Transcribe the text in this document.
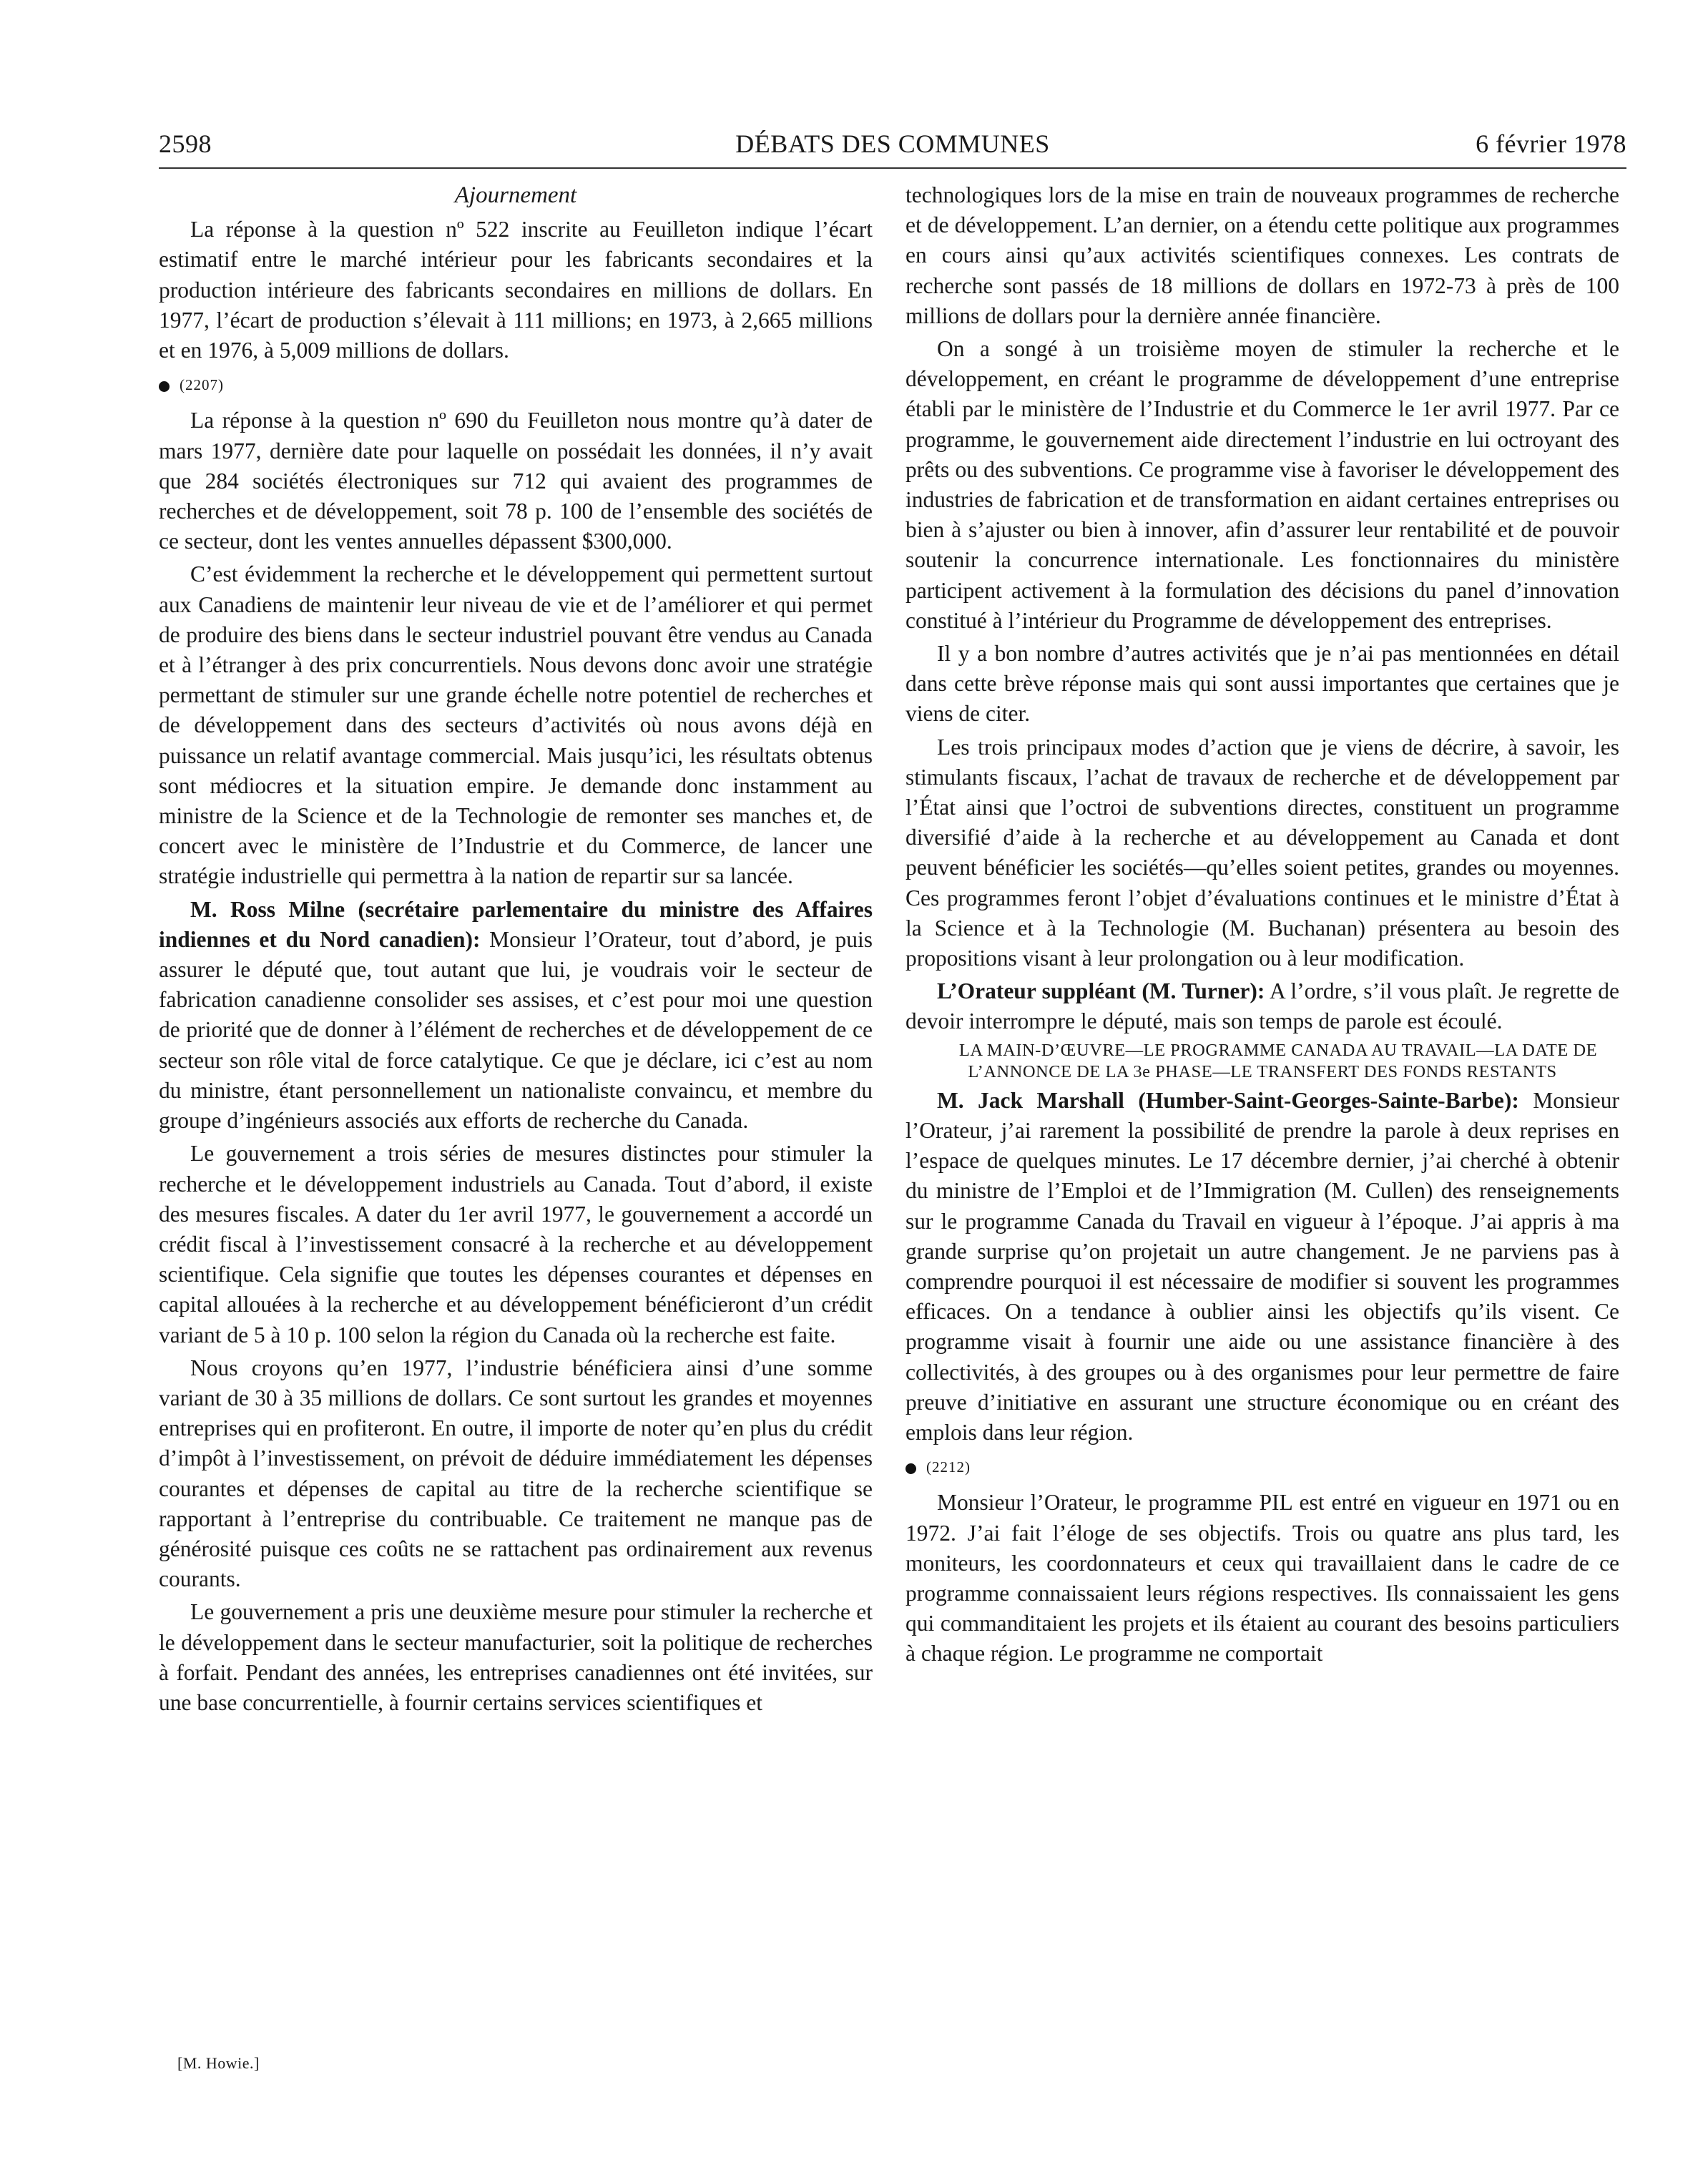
2598	DÉBATS DES COMMUNES	6 février 1978
Ajournement

La réponse à la question nº 522 inscrite au Feuilleton indique l’écart estimatif entre le marché intérieur pour les fabricants secondaires et la production intérieure des fabricants secondaires en millions de dollars. En 1977, l’écart de production s’élevait à 111 millions; en 1973, à 2,665 millions et en 1976, à 5,009 millions de dollars.

(2207)

La réponse à la question nº 690 du Feuilleton nous montre qu’à dater de mars 1977, dernière date pour laquelle on possédait les données, il n’y avait que 284 sociétés électroniques sur 712 qui avaient des programmes de recherches et de développement, soit 78 p. 100 de l’ensemble des sociétés de ce secteur, dont les ventes annuelles dépassent $300,000.

C’est évidemment la recherche et le développement qui permettent surtout aux Canadiens de maintenir leur niveau de vie et de l’améliorer et qui permet de produire des biens dans le secteur industriel pouvant être vendus au Canada et à l’étranger à des prix concurrentiels. Nous devons donc avoir une stratégie permettant de stimuler sur une grande échelle notre potentiel de recherches et de développement dans des secteurs d’activités où nous avons déjà en puissance un relatif avantage commercial. Mais jusqu’ici, les résultats obtenus sont médiocres et la situation empire. Je demande donc instamment au ministre de la Science et de la Technologie de remonter ses manches et, de concert avec le ministère de l’Industrie et du Commerce, de lancer une stratégie industrielle qui permettra à la nation de repartir sur sa lancée.

M. Ross Milne (secrétaire parlementaire du ministre des Affaires indiennes et du Nord canadien): Monsieur l’Orateur, tout d’abord, je puis assurer le député que, tout autant que lui, je voudrais voir le secteur de fabrication canadienne consolider ses assises, et c’est pour moi une question de priorité que de donner à l’élément de recherches et de développement de ce secteur son rôle vital de force catalytique. Ce que je déclare, ici c’est au nom du ministre, étant personnellement un nationaliste convaincu, et membre du groupe d’ingénieurs associés aux efforts de recherche du Canada.

Le gouvernement a trois séries de mesures distinctes pour stimuler la recherche et le développement industriels au Canada. Tout d’abord, il existe des mesures fiscales. A dater du 1er avril 1977, le gouvernement a accordé un crédit fiscal à l’investissement consacré à la recherche et au développement scientifique. Cela signifie que toutes les dépenses courantes et dépenses en capital allouées à la recherche et au développement bénéficieront d’un crédit variant de 5 à 10 p. 100 selon la région du Canada où la recherche est faite.

Nous croyons qu’en 1977, l’industrie bénéficiera ainsi d’une somme variant de 30 à 35 millions de dollars. Ce sont surtout les grandes et moyennes entreprises qui en profiteront. En outre, il importe de noter qu’en plus du crédit d’impôt à l’investissement, on prévoit de déduire immédiatement les dépenses courantes et dépenses de capital au titre de la recherche scientifique se rapportant à l’entreprise du contribuable. Ce traitement ne manque pas de générosité puisque ces coûts ne se rattachent pas ordinairement aux revenus courants.

Le gouvernement a pris une deuxième mesure pour stimuler la recherche et le développement dans le secteur manufacturier, soit la politique de recherches à forfait. Pendant des années, les entreprises canadiennes ont été invitées, sur une base concurrentielle, à fournir certains services scientifiques et

technologiques lors de la mise en train de nouveaux programmes de recherche et de développement. L’an dernier, on a étendu cette politique aux programmes en cours ainsi qu’aux activités scientifiques connexes. Les contrats de recherche sont passés de 18 millions de dollars en 1972-73 à près de 100 millions de dollars pour la dernière année financière.

On a songé à un troisième moyen de stimuler la recherche et le développement, en créant le programme de développement d’une entreprise établi par le ministère de l’Industrie et du Commerce le 1er avril 1977. Par ce programme, le gouvernement aide directement l’industrie en lui octroyant des prêts ou des subventions. Ce programme vise à favoriser le développement des industries de fabrication et de transformation en aidant certaines entreprises ou bien à s’ajuster ou bien à innover, afin d’assurer leur rentabilité et de pouvoir soutenir la concurrence internationale. Les fonctionnaires du ministère participent activement à la formulation des décisions du panel d’innovation constitué à l’intérieur du Programme de développement des entreprises.

Il y a bon nombre d’autres activités que je n’ai pas mentionnées en détail dans cette brève réponse mais qui sont aussi importantes que certaines que je viens de citer.

Les trois principaux modes d’action que je viens de décrire, à savoir, les stimulants fiscaux, l’achat de travaux de recherche et de développement par l’État ainsi que l’octroi de subventions directes, constituent un programme diversifié d’aide à la recherche et au développement au Canada et dont peuvent bénéficier les sociétés—qu’elles soient petites, grandes ou moyennes. Ces programmes feront l’objet d’évaluations continues et le ministre d’État à la Science et à la Technologie (M. Buchanan) présentera au besoin des propositions visant à leur prolongation ou à leur modification.

L’Orateur suppléant (M. Turner): A l’ordre, s’il vous plaît. Je regrette de devoir interrompre le député, mais son temps de parole est écoulé.

LA MAIN-D’ŒUVRE—LE PROGRAMME CANADA AU TRAVAIL—LA DATE DE L’ANNONCE DE LA 3e PHASE—LE TRANSFERT DES FONDS RESTANTS

M. Jack Marshall (Humber-Saint-Georges-Sainte-Barbe): Monsieur l’Orateur, j’ai rarement la possibilité de prendre la parole à deux reprises en l’espace de quelques minutes. Le 17 décembre dernier, j’ai cherché à obtenir du ministre de l’Emploi et de l’Immigration (M. Cullen) des renseignements sur le programme Canada du Travail en vigueur à l’époque. J’ai appris à ma grande surprise qu’on projetait un autre changement. Je ne parviens pas à comprendre pourquoi il est nécessaire de modifier si souvent les programmes efficaces. On a tendance à oublier ainsi les objectifs qu’ils visent. Ce programme visait à fournir une aide ou une assistance financière à des collectivités, à des groupes ou à des organismes pour leur permettre de faire preuve d’initiative en assurant une structure économique ou en créant des emplois dans leur région.

(2212)

Monsieur l’Orateur, le programme PIL est entré en vigueur en 1971 ou en 1972. J’ai fait l’éloge de ses objectifs. Trois ou quatre ans plus tard, les moniteurs, les coordonnateurs et ceux qui travaillaient dans le cadre de ce programme connaissaient leurs régions respectives. Ils connaissaient les gens qui commanditaient les projets et ils étaient au courant des besoins particuliers à chaque région. Le programme ne comportait

[M. Howie.]
